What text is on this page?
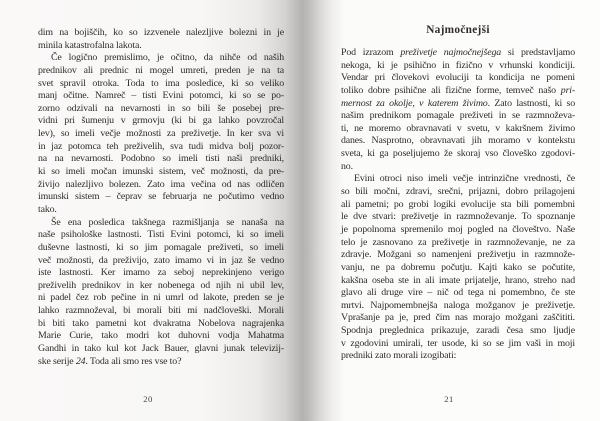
dim na bojiščih, ko so izzvenele nalezljive bolezni in je
minila katastrofalna lakota.
Če logično premislimo, je očitno, da nihče od naših
prednikov ali prednic ni mogel umreti, preden je na ta
svet spravil otroka. Toda to ima posledice, ki so veliko
manj očitne. Namreč – tisti Evini potomci, ki so se po-
zorno odzivali na nevarnosti in so bili še posebej pre-
vidni pri šumenju v grmovju (ki bi ga lahko povzročal
lev), so imeli večje možnosti za preživetje. In ker sva vi
in jaz potomca teh preživelih, sva tudi midva bolj pozor-
na na nevarnosti. Podobno so imeli tisti naši predniki,
ki so imeli močan imunski sistem, več možnosti, da pre-
živijo nalezljivo bolezen. Zato ima večina od nas odličen
imunski sistem – čeprav se februarja ne počutimo vedno
tako.
Še ena posledica takšnega razmišljanja se nanaša na
naše psihološke lastnosti. Tisti Evini potomci, ki so imeli
duševne lastnosti, ki so jim pomagale preživeti, so imeli
več možnosti, da preživijo, zato imamo vi in jaz še vedno
iste lastnosti. Ker imamo za seboj neprekinjeno verigo
preživelih prednikov in ker nobenega od njih ni ubil lev,
ni padel čez rob pečine in ni umrl od lakote, preden se je
lahko razmnoževal, bi morali biti mi nadčloveški. Morali
bi biti tako pametni kot dvakratna Nobelova nagrajenka
Marie Curie, tako modri kot duhovni vodja Mahatma
Gandhi in tako kul kot Jack Bauer, glavni junak televizij-
ske serije 24. Toda ali smo res vse to?
20
Najmočnejši
Pod izrazom preživetje najmočnejšega si predstavljamo
nekoga, ki je psihično in fizično v vrhunski kondiciji.
Vendar pri človekovi evoluciji ta kondicija ne pomeni
toliko dobre psihične ali fizične forme, temveč našo pri-
mernost za okolje, v katerem živimo. Zato lastnosti, ki so
našim prednikom pomagale preživeti in se razmnoževa-
ti, ne moremo obravnavati v svetu, v kakršnem živimo
danes. Nasprotno, obravnavati jih moramo v kontekstu
sveta, ki ga poseljujemo že skoraj vso človeško zgodovi-
no.
Evini otroci niso imeli večje intrinzične vrednosti, če
so bili močni, zdravi, srečni, prijazni, dobro prilagojeni
ali pametni; po grobi logiki evolucije sta bili pomembni
le dve stvari: preživetje in razmnoževanje. To spoznanje
je popolnoma spremenilo moj pogled na človeštvo. Naše
telo je zasnovano za preživetje in razmnoževanje, ne za
zdravje. Možgani so namenjeni preživetju in razmnože-
vanju, ne pa dobremu počutju. Kajti kako se počutite,
kakšna oseba ste in ali imate prijatelje, hrano, streho nad
glavo ali druge vire – nič od tega ni pomembno, če ste
mrtvi. Najpomembnejša naloga možganov je preživetje.
Vprašanje pa je, pred čim nas morajo možgani zaščititi.
Spodnja preglednica prikazuje, zaradi česa smo ljudje
v zgodovini umirali, ter usode, ki so se jim vaši in moji
predniki zato morali izogibati:
21
